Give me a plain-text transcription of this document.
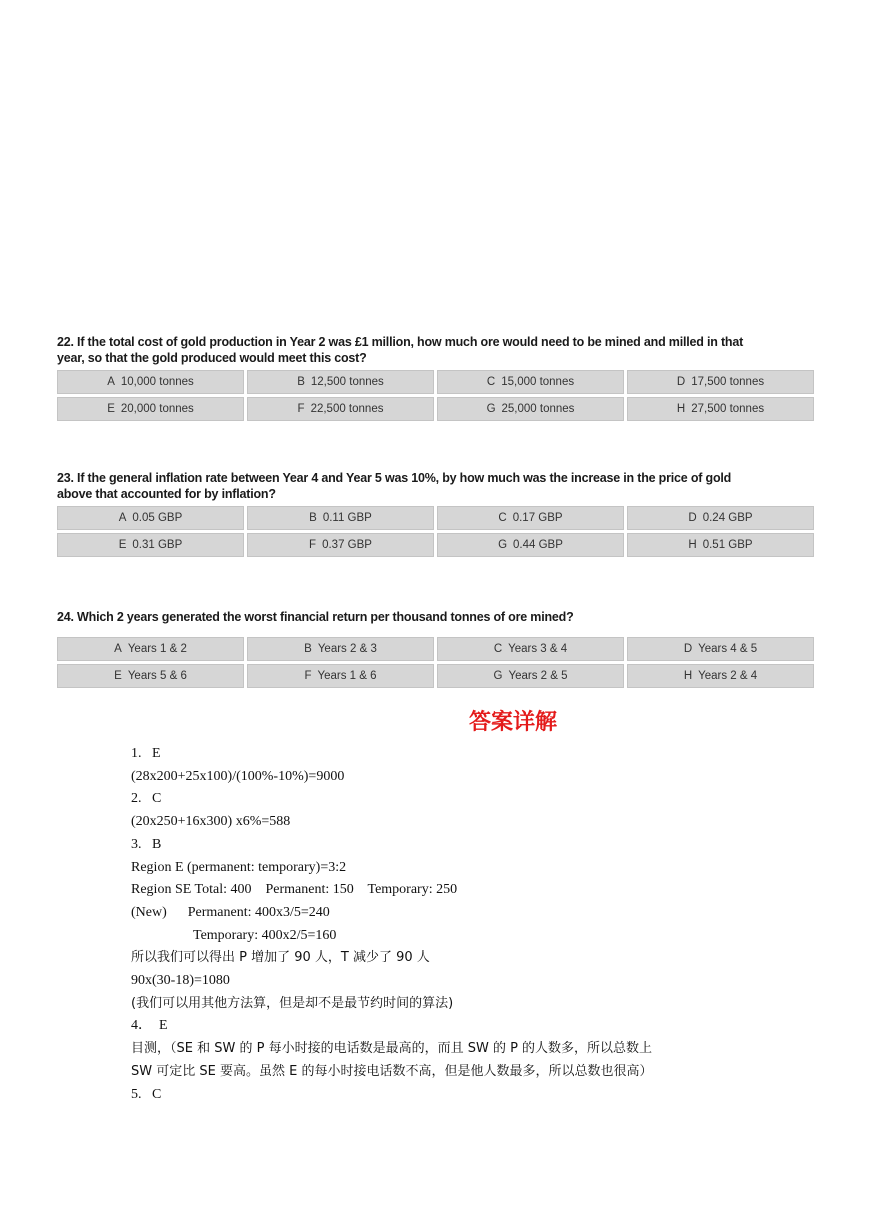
22. If the total cost of gold production in Year 2 was £1 million, how much ore would need to be mined and milled in that
year, so that the gold produced would meet this cost?

A 10,000 tonnes	B 12,500 tonnes	C 15,000 tonnes	D 17,500 tonnes
E 20,000 tonnes	F 22,500 tonnes	G 25,000 tonnes	H 27,500 tonnes

23. If the general inflation rate between Year 4 and Year 5 was 10%, by how much was the increase in the price of gold
above that accounted for by inflation?

A 0.05 GBP	B 0.11 GBP	C 0.17 GBP	D 0.24 GBP
E 0.31 GBP	F 0.37 GBP	G 0.44 GBP	H 0.51 GBP

24. Which 2 years generated the worst financial return per thousand tonnes of ore mined?

A Years 1 & 2	B Years 2 & 3	C Years 3 & 4	D Years 4 & 5
E Years 5 & 6	F Years 1 & 6	G Years 2 & 5	H Years 2 & 4

答案详解

1.   E

(28x200+25x100)/(100%-10%)=9000

2.   C

(20x250+16x300) x6%=588

3.   B

Region E (permanent: temporary)=3:2

Region SE Total: 400    Permanent: 150    Temporary: 250

(New)      Permanent: 400x3/5=240

Temporary: 400x2/5=160

所以我们可以得出 P 增加了 90 人，T 减少了 90 人

90x(30-18)=1080

(我们可以用其他方法算，但是却不是最节约时间的算法)

4．  E

目测，（SE 和 SW 的 P 每小时接的电话数是最高的，而且 SW 的 P 的人数多，所以总数上

SW 可定比 SE 要高。虽然 E 的每小时接电话数不高，但是他人数最多，所以总数也很高）

5.   C
